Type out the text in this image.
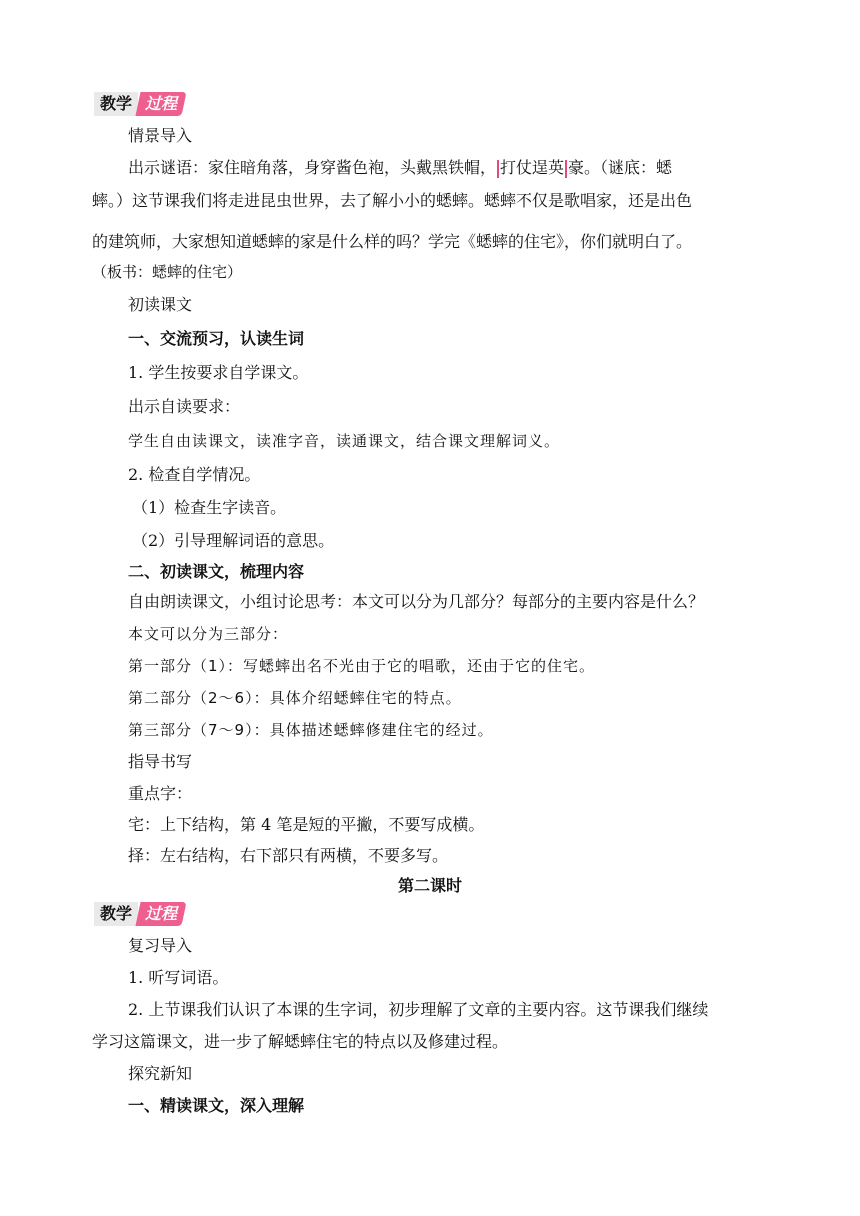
教学 过程
情景导入
出示谜语：家住暗角落，身穿酱色袍，头戴黑铁帽， 打仗逞英 豪。（谜底：蟋
蟀。）这节课我们将走进昆虫世界，去了解小小的蟋蟀。蟋蟀不仅是歌唱家，还是出色
的建筑师，大家想知道蟋蟀的家是什么样的吗？学完《蟋蟀的住宅》，你们就明白了。
（板书：蟋蟀的住宅）
初读课文
一、交流预习，认读生词
1. 学生按要求自学课文。
出示自读要求：
学生自由读课文，读准字音，读通课文，结合课文理解词义。
2. 检查自学情况。
（1）检查生字读音。
（2）引导理解词语的意思。
二、初读课文，梳理内容
自由朗读课文，小组讨论思考：本文可以分为几部分？每部分的主要内容是什么？
本文可以分为三部分：
第一部分（1）：写蟋蟀出名不光由于它的唱歌，还由于它的住宅。
第二部分（2～6）：具体介绍蟋蟀住宅的特点。
第三部分（7～9）：具体描述蟋蟀修建住宅的经过。
指导书写
重点字：
宅：上下结构，第 4 笔是短的平撇，不要写成横。
择：左右结构，右下部只有两横，不要多写。
第二课时
教学 过程
复习导入
1. 听写词语。
2. 上节课我们认识了本课的生字词，初步理解了文章的主要内容。这节课我们继续
学习这篇课文，进一步了解蟋蟀住宅的特点以及修建过程。
探究新知
一、精读课文，深入理解
